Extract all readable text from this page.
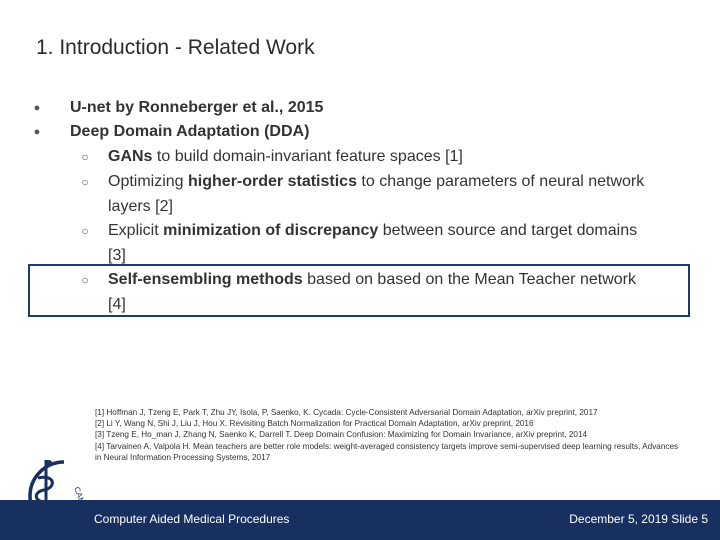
1. Introduction - Related Work
● U-net by Ronneberger et al., 2015
● Deep Domain Adaptation (DDA)
○ GANs to build domain-invariant feature spaces [1]
○ Optimizing higher-order statistics to change parameters of neural network layers [2]
○ Explicit minimization of discrepancy between source and target domains [3]
○ Self-ensembling methods based on based on the Mean Teacher network [4]
[1] Hoffman J, Tzeng E, Park T, Zhu JY, Isola, P, Saenko, K. Cycada: Cycle-Consistent Adversarial Domain Adaptation, arXiv preprint, 2017
[2] Li Y, Wang N, Shi J, Liu J, Hou X. Revisiting Batch Normalization for Practical Domain Adaptation, arXiv preprint, 2016
[3] Tzeng E, Ho_man J, Zhang N, Saenko K, Darrell T. Deep Domain Confusion: Maximizing for Domain Invariance, arXiv preprint, 2014
[4] Tarvainen A, Valpola H. Mean teachers are better role models: weight-averaged consistency targets improve semi-supervised deep learning results, Advances in Neural Information Processing Systems, 2017
CAMP
Computer Aided Medical Procedures	December 5, 2019 Slide 5
